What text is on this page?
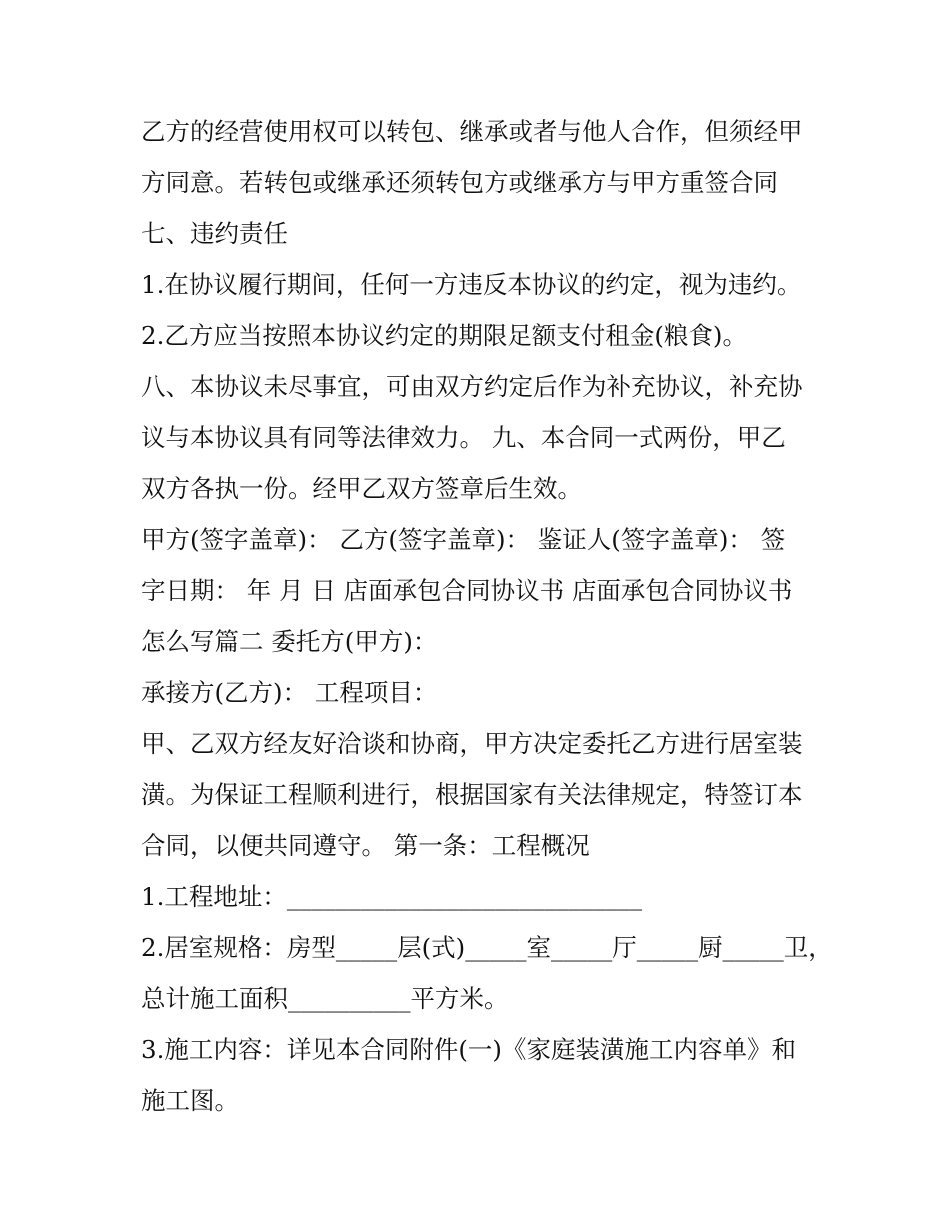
乙方的经营使用权可以转包、继承或者与他人合作，但须经甲
方同意。若转包或继承还须转包方或继承方与甲方重签合同
七、违约责任
1.在协议履行期间，任何一方违反本协议的约定，视为违约。
2.乙方应当按照本协议约定的期限足额支付租金(粮食)。
八、本协议未尽事宜，可由双方约定后作为补充协议，补充协
议与本协议具有同等法律效力。 九、本合同一式两份，甲乙
双方各执一份。经甲乙双方签章后生效。
甲方(签字盖章)： 乙方(签字盖章)： 鉴证人(签字盖章)： 签
字日期： 年 月 日 店面承包合同协议书 店面承包合同协议书
怎么写篇二 委托方(甲方)：
承接方(乙方)： 工程项目：
甲、乙双方经友好洽谈和协商，甲方决定委托乙方进行居室装
潢。为保证工程顺利进行，根据国家有关法律规定，特签订本
合同，以便共同遵守。 第一条：工程概况
1.工程地址：_____________________________
2.居室规格：房型_____层(式)_____室_____厅_____厨_____卫，
总计施工面积__________平方米。
3.施工内容：详见本合同附件(一)《家庭装潢施工内容单》和
施工图。
